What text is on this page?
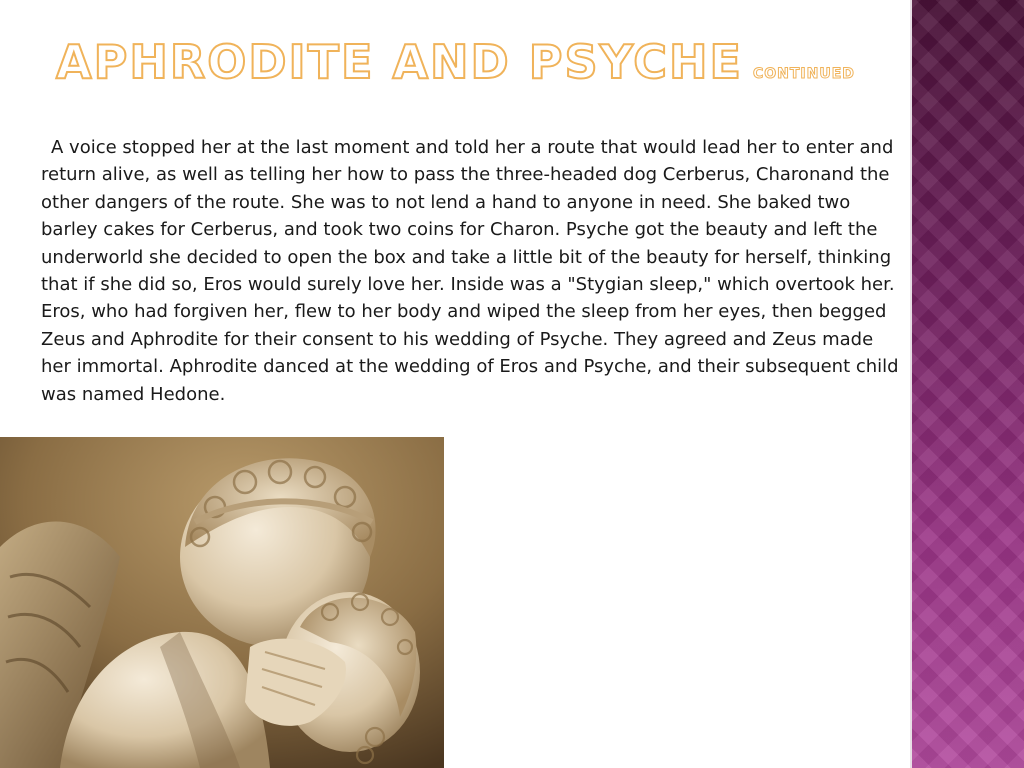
APHRODITE AND PSYCHE CONTINUED

A voice stopped her at the last moment and told her a route that would lead her to enter and return alive, as well as telling her how to pass the three-headed dog Cerberus, Charonand the other dangers of the route. She was to not lend a hand to anyone in need. She baked two barley cakes for Cerberus, and took two coins for Charon. Psyche got the beauty and left the underworld she decided to open the box and take a little bit of the beauty for herself, thinking that if she did so, Eros would surely love her. Inside was a "Stygian sleep," which overtook her. Eros, who had forgiven her, flew to her body and wiped the sleep from her eyes, then begged Zeus and Aphrodite for their consent to his wedding of Psyche. They agreed and Zeus made her immortal. Aphrodite danced at the wedding of Eros and Psyche, and their subsequent child was named Hedone.
